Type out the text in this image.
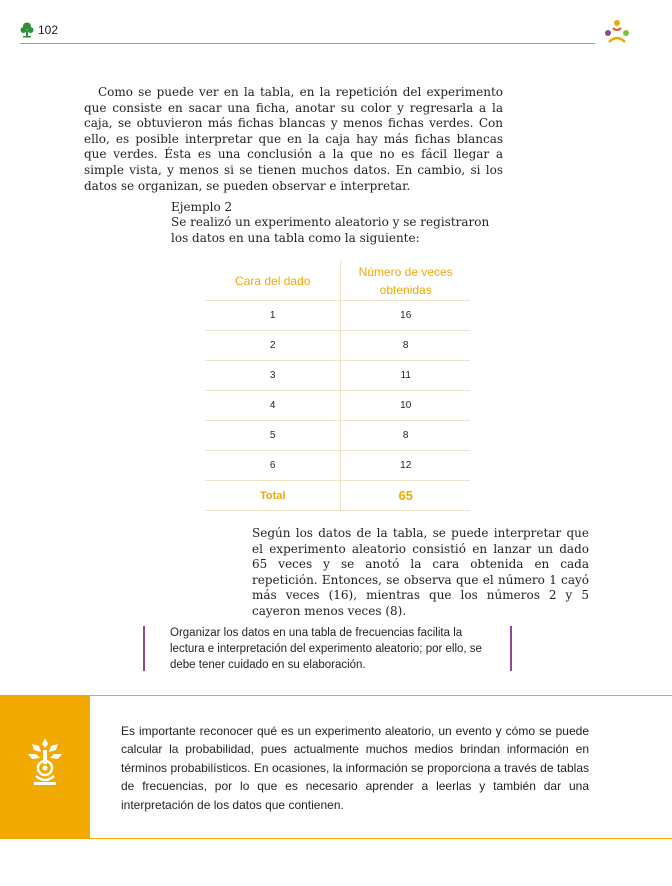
102

Como se puede ver en la tabla, en la repetición del experimento que consiste en sacar una ficha, anotar su color y regresarla a la caja, se obtuvieron más fichas blancas y menos fichas verdes. Con ello, es posible interpretar que en la caja hay más fichas blancas que verdes. Ésta es una conclusión a la que no es fácil llegar a simple vista, y menos si se tienen muchos datos. En cambio, si los datos se organizan, se pueden observar e interpretar.

Ejemplo 2

Se realizó un experimento aleatorio y se registraron los datos en una tabla como la siguiente:

Cara del dado	Número de veces obtenidas
1	16
2	8
3	11
4	10
5	8
6	12
Total	65

Según los datos de la tabla, se puede interpretar que el experimento aleatorio consistió en lanzar un dado 65 veces y se anotó la cara obtenida en cada repetición. Entonces, se observa que el número 1 cayó más veces (16), mientras que los números 2 y 5 cayeron menos veces (8).

Organizar los datos en una tabla de frecuencias facilita la lectura e interpretación del experimento aleatorio; por ello, se debe tener cuidado en su elaboración.

Es importante reconocer qué es un experimento aleatorio, un evento y cómo se puede calcular la probabilidad, pues actualmente muchos medios brindan información en términos probabilísticos. En ocasiones, la información se proporciona a través de tablas de frecuencias, por lo que es necesario aprender a leerlas y también dar una interpretación de los datos que contienen.
